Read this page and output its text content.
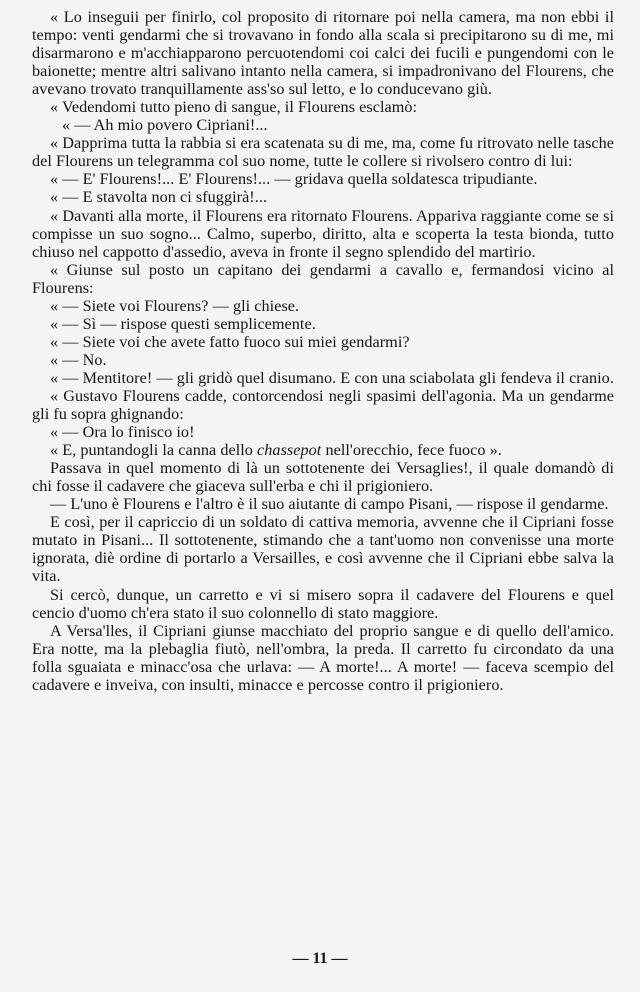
« Lo inseguii per finirlo, col proposito di ritornare poi nella camera, ma non ebbi il tempo: venti gendarmi che si trovavano in fondo alla scala si precipitarono su di me, mi disarmarono e m'acchiapparono percuotendomi coi calci dei fucili e pungendomi con le baionette; mentre altri salivano intanto nella camera, si impadronivano del Flourens, che avevano trovato tranquillamente ass'so sul letto, e lo conducevano giù.

« Vedendomi tutto pieno di sangue, il Flourens esclamò:

« — Ah mio povero Cipriani!...

« Dapprima tutta la rabbia si era scatenata su di me, ma, come fu ritrovato nelle tasche del Flourens un telegramma col suo nome, tutte le collere si rivolsero contro di lui:

« — E' Flourens!... E' Flourens!... — gridava quella soldatesca tripudiante.

« — E stavolta non ci sfuggirà!...

« Davanti alla morte, il Flourens era ritornato Flourens. Appariva raggiante come se si compisse un suo sogno... Calmo, superbo, diritto, alta e scoperta la testa bionda, tutto chiuso nel cappotto d'assedio, aveva in fronte il segno splendido del martirio.

« Giunse sul posto un capitano dei gendarmi a cavallo e, fermandosi vicino al Flourens:

« — Siete voi Flourens? — gli chiese.

« — Sì — rispose questi semplicemente.

« — Siete voi che avete fatto fuoco sui miei gendarmi?

« — No.

« — Mentitore! — gli gridò quel disumano. E con una sciabolata gli fendeva il cranio.

« Gustavo Flourens cadde, contorcendosi negli spasimi dell'agonia. Ma un gendarme gli fu sopra ghignando:

« — Ora lo finisco io!

« E, puntandogli la canna dello chassepot nell'orecchio, fece fuoco ».

Passava in quel momento di là un sottotenente dei Versaglies!, il quale domandò di chi fosse il cadavere che giaceva sull'erba e chi il prigioniero.

— L'uno è Flourens e l'altro è il suo aiutante di campo Pisani, — rispose il gendarme.

E così, per il capriccio di un soldato di cattiva memoria, avvenne che il Cipriani fosse mutato in Pisani... Il sottotenente, stimando che a tant'uomo non convenisse una morte ignorata, diè ordine di portarlo a Versailles, e così avvenne che il Cipriani ebbe salva la vita.

Si cercò, dunque, un carretto e vi si misero sopra il cadavere del Flourens e quel cencio d'uomo ch'era stato il suo colonnello di stato maggiore.

A Versa'lles, il Cipriani giunse macchiato del proprio sangue e di quello dell'amico. Era notte, ma la plebaglia fiutò, nell'ombra, la preda. Il carretto fu circondato da una folla sguaiata e minacc'osa che urlava: — A morte!... A morte! — faceva scempio del cadavere e inveiva, con insulti, minacce e percosse contro il prigioniero.

— 11 —
